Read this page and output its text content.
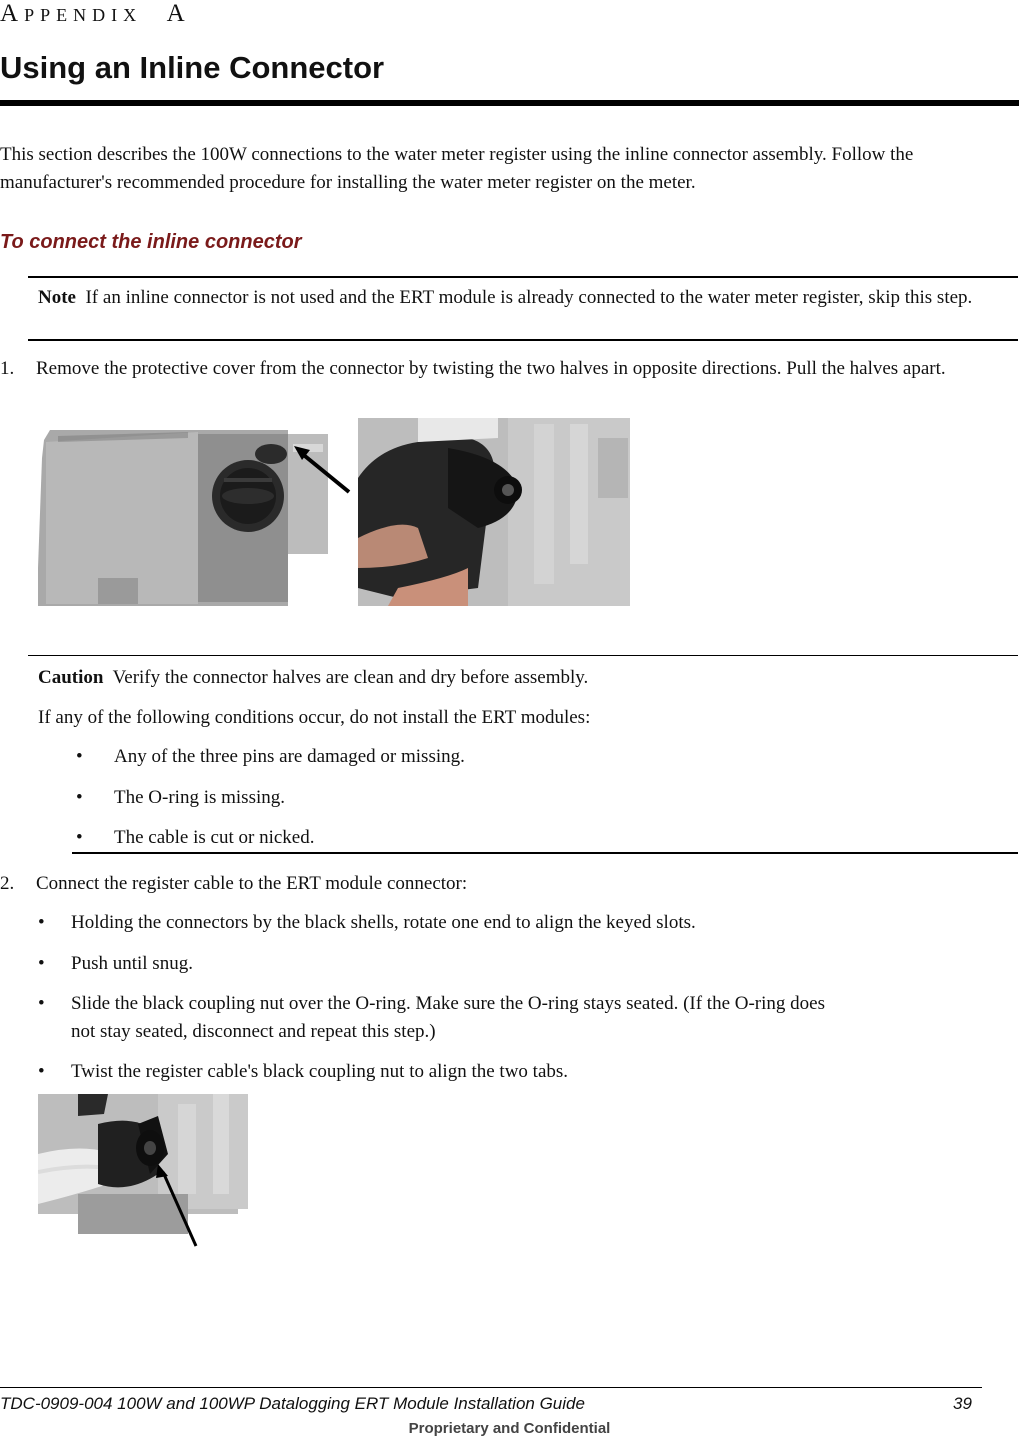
APPENDIX A
Using an Inline Connector
This section describes the 100W connections to the water meter register using the inline connector assembly. Follow the manufacturer's recommended procedure for installing the water meter register on the meter.
To connect the inline connector
Note If an inline connector is not used and the ERT module is already connected to the water meter register, skip this step.
1. Remove the protective cover from the connector by twisting the two halves in opposite directions. Pull the halves apart.
Caution Verify the connector halves are clean and dry before assembly.
If any of the following conditions occur, do not install the ERT modules:
• Any of the three pins are damaged or missing.
• The O-ring is missing.
• The cable is cut or nicked.
2. Connect the register cable to the ERT module connector:
• Holding the connectors by the black shells, rotate one end to align the keyed slots.
• Push until snug.
• Slide the black coupling nut over the O-ring. Make sure the O-ring stays seated. (If the O-ring does
not stay seated, disconnect and repeat this step.)
• Twist the register cable's black coupling nut to align the two tabs.
TDC-0909-004 100W and 100WP Datalogging ERT Module Installation Guide	39
Proprietary and Confidential
